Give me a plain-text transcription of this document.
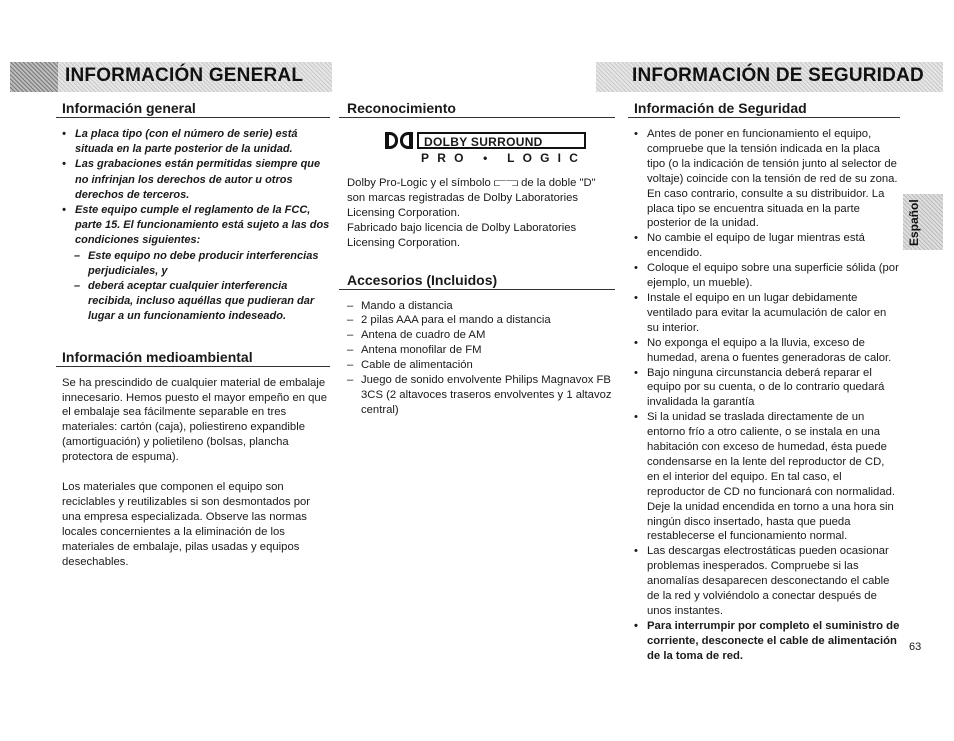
INFORMACIÓN GENERAL	INFORMACIÓN DE SEGURIDAD
Información general
• La placa tipo (con el número de serie) está situada en la parte posterior de la unidad.
• Las grabaciones están permitidas siempre que no infrinjan los derechos de autor u otros derechos de terceros.
• Este equipo cumple el reglamento de la FCC, parte 15. El funcionamiento está sujeto a las dos condiciones siguientes:
– Este equipo no debe producir interferencias perjudiciales, y
– deberá aceptar cualquier interferencia recibida, incluso aquéllas que pudieran dar lugar a un funcionamiento indeseado.
Información medioambiental

Se ha prescindido de cualquier material de embalaje innecesario. Hemos puesto el mayor empeño en que el embalaje sea fácilmente separable en tres materiales: cartón (caja), poliestireno expandible (amortiguación) y polietileno (bolsas, plancha protectora de espuma).

Los materiales que componen el equipo son reciclables y reutilizables si son desmontados por una empresa especializada. Observe las normas locales concernientes a la eliminación de los materiales de embalaje, pilas usadas y equipos desechables.

Reconocimiento
DOLBY SURROUND
PRO • LOGIC

Dolby Pro-Logic y el símbolo ⫍⫎ de la doble "D" son marcas registradas de Dolby Laboratories Licensing Corporation.

Fabricado bajo licencia de Dolby Laboratories Licensing Corporation.

Accesorios (Incluidos)
– Mando a distancia
– 2 pilas AAA para el mando a distancia
– Antena de cuadro de AM
– Antena monofilar de FM
– Cable de alimentación
– Juego de sonido envolvente Philips Magnavox FB 3CS (2 altavoces traseros envolventes y 1 altavoz central)
Información de Seguridad
• Antes de poner en funcionamiento el equipo, compruebe que la tensión indicada en la placa tipo (o la indicación de tensión junto al selector de voltaje) coincide con la tensión de red de su zona. En caso contrario, consulte a su distribuidor. La placa tipo se encuentra situada en la parte posterior de la unidad.
• No cambie el equipo de lugar mientras está encendido.
• Coloque el equipo sobre una superficie sólida (por ejemplo, un mueble).
• Instale el equipo en un lugar debidamente ventilado para evitar la acumulación de calor en su interior.
• No exponga el equipo a la lluvia, exceso de humedad, arena o fuentes generadoras de calor.
• Bajo ninguna circunstancia deberá reparar el equipo por su cuenta, o de lo contrario quedará invalidada la garantía
• Si la unidad se traslada directamente de un entorno frío a otro caliente, o se instala en una habitación con exceso de humedad, ésta puede condensarse en la lente del reproductor de CD, en el interior del equipo. En tal caso, el reproductor de CD no funcionará con normalidad. Deje la unidad encendida en torno a una hora sin ningún disco insertado, hasta que pueda restablecerse el funcionamiento normal.
• Las descargas electrostáticas pueden ocasionar problemas inesperados. Compruebe si las anomalías desaparecen desconectando el cable de la red y volviéndolo a conectar después de unos instantes.
• Para interrumpir por completo el suministro de corriente, desconecte el cable de alimentación de la toma de red.
Español
63
